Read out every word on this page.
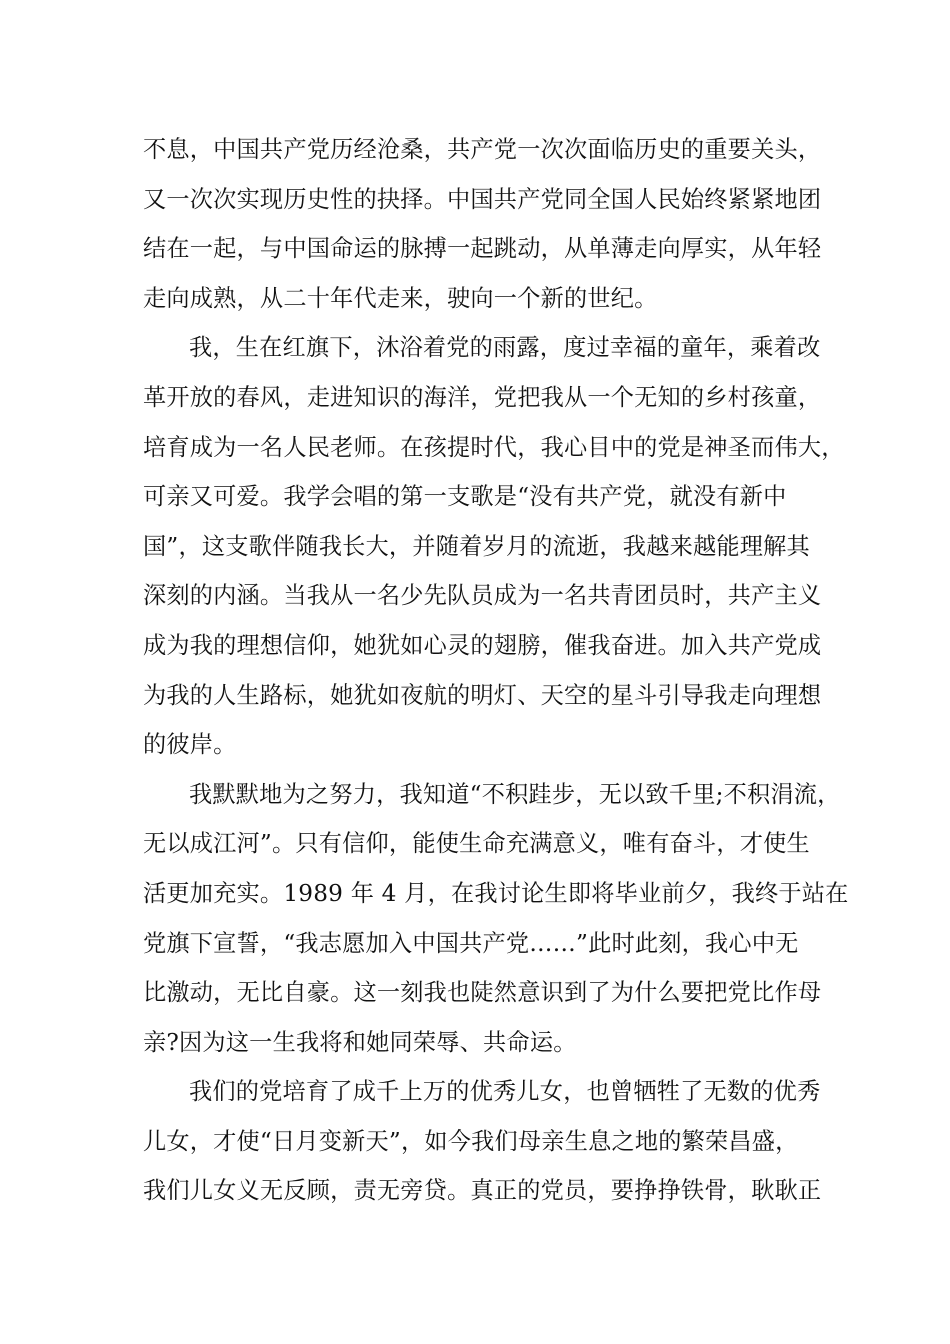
不息，中国共产党历经沧桑，共产党一次次面临历史的重要关头，
又一次次实现历史性的抉择。中国共产党同全国人民始终紧紧地团
结在一起，与中国命运的脉搏一起跳动，从单薄走向厚实，从年轻
走向成熟，从二十年代走来，驶向一个新的世纪。
我，生在红旗下，沐浴着党的雨露，度过幸福的童年，乘着改
革开放的春风，走进知识的海洋，党把我从一个无知的乡村孩童，
培育成为一名人民老师。在孩提时代，我心目中的党是神圣而伟大，
可亲又可爱。我学会唱的第一支歌是“没有共产党，就没有新中
国”，这支歌伴随我长大，并随着岁月的流逝，我越来越能理解其
深刻的内涵。当我从一名少先队员成为一名共青团员时，共产主义
成为我的理想信仰，她犹如心灵的翅膀，催我奋进。加入共产党成
为我的人生路标，她犹如夜航的明灯、天空的星斗引导我走向理想
的彼岸。
我默默地为之努力，我知道“不积跬步，无以致千里;不积涓流，
无以成江河”。只有信仰，能使生命充满意义，唯有奋斗，才使生
活更加充实。1989 年 4 月，在我讨论生即将毕业前夕，我终于站在
党旗下宣誓，“我志愿加入中国共产党……”此时此刻，我心中无
比激动，无比自豪。这一刻我也陡然意识到了为什么要把党比作母
亲?因为这一生我将和她同荣辱、共命运。
我们的党培育了成千上万的优秀儿女，也曾牺牲了无数的优秀
儿女，才使“日月变新天”，如今我们母亲生息之地的繁荣昌盛，
我们儿女义无反顾，责无旁贷。真正的党员，要挣挣铁骨，耿耿正
